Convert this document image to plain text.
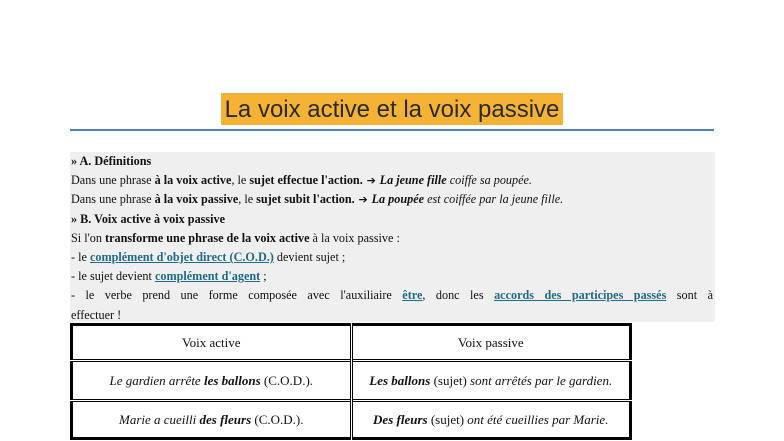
La voix active et la voix passive

» A. Définitions

Dans une phrase à la voix active, le sujet effectue l'action. ➔ La jeune fille coiffe sa poupée.

Dans une phrase à la voix passive, le sujet subit l'action. ➔ La poupée est coiffée par la jeune fille.

» B. Voix active à voix passive

Si l'on transforme une phrase de la voix active à la voix passive :

- le complément d'objet direct (C.O.D.) devient sujet ;

- le sujet devient complément d'agent ;

- le verbe prend une forme composée avec l'auxiliaire être, donc les accords des participes passés sont à

effectuer !

Voix active	Voix passive
Le gardien arrête les ballons (C.O.D.).	Les ballons (sujet) sont arrêtés par le gardien.
Marie a cueilli des fleurs (C.O.D.).	Des fleurs (sujet) ont été cueillies par Marie.
